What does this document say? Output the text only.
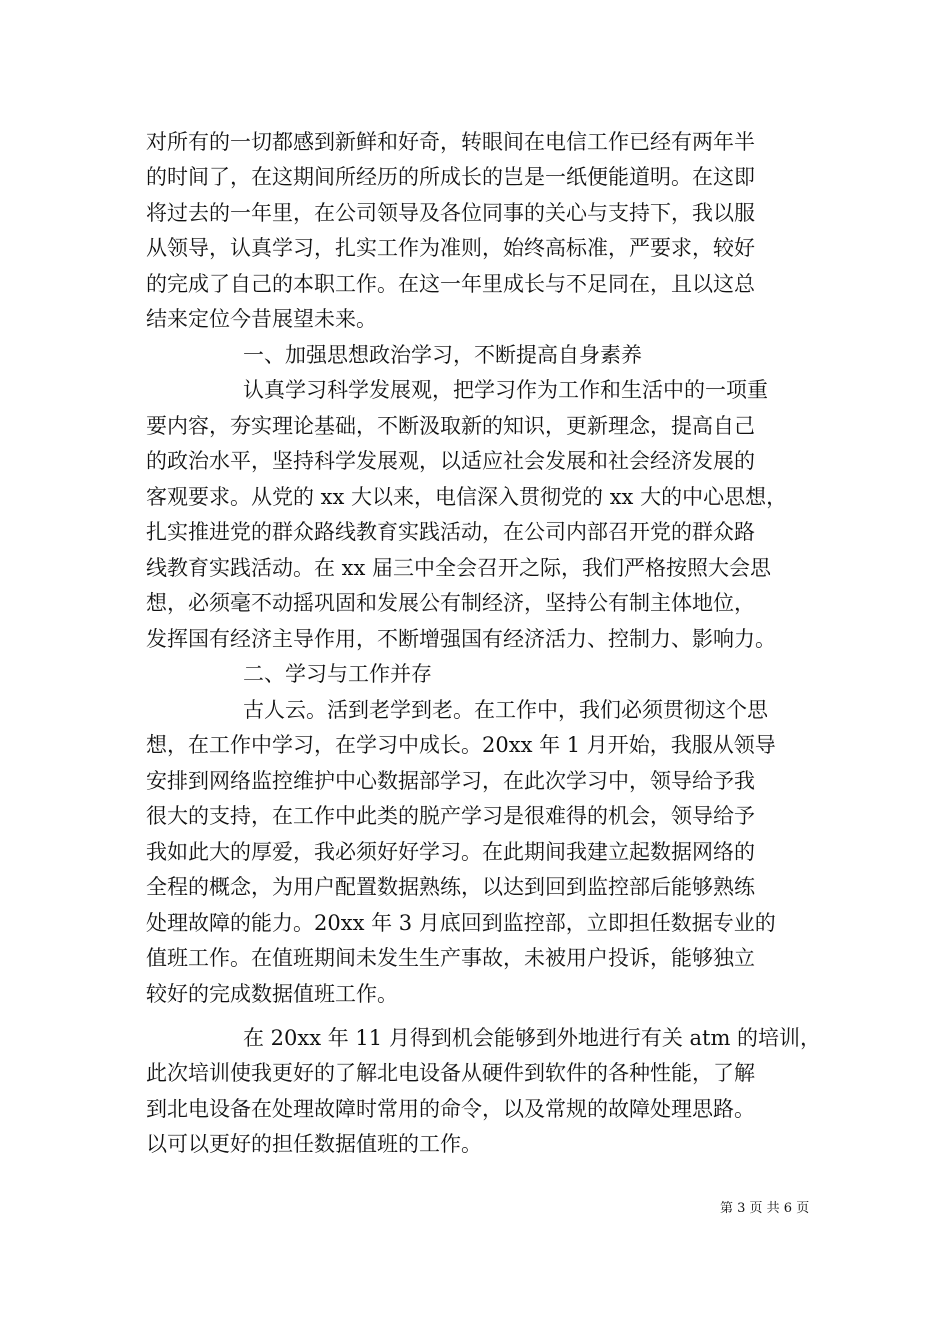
对所有的一切都感到新鲜和好奇，转眼间在电信工作已经有两年半
的时间了，在这期间所经历的所成长的岂是一纸便能道明。在这即
将过去的一年里，在公司领导及各位同事的关心与支持下，我以服
从领导，认真学习，扎实工作为准则，始终高标准，严要求，较好
的完成了自己的本职工作。在这一年里成长与不足同在，且以这总
结来定位今昔展望未来。
一、加强思想政治学习，不断提高自身素养
认真学习科学发展观，把学习作为工作和生活中的一项重
要内容，夯实理论基础，不断汲取新的知识，更新理念，提高自己
的政治水平，坚持科学发展观，以适应社会发展和社会经济发展的
客观要求。从党的 xx 大以来，电信深入贯彻党的 xx 大的中心思想，
扎实推进党的群众路线教育实践活动，在公司内部召开党的群众路
线教育实践活动。在 xx 届三中全会召开之际，我们严格按照大会思
想，必须毫不动摇巩固和发展公有制经济，坚持公有制主体地位，
发挥国有经济主导作用，不断增强国有经济活力、控制力、影响力。
二、学习与工作并存
古人云。活到老学到老。在工作中，我们必须贯彻这个思
想，在工作中学习，在学习中成长。20xx 年 1 月开始，我服从领导
安排到网络监控维护中心数据部学习，在此次学习中，领导给予我
很大的支持，在工作中此类的脱产学习是很难得的机会，领导给予
我如此大的厚爱，我必须好好学习。在此期间我建立起数据网络的
全程的概念，为用户配置数据熟练，以达到回到监控部后能够熟练
处理故障的能力。20xx 年 3 月底回到监控部，立即担任数据专业的
值班工作。在值班期间未发生生产事故，未被用户投诉，能够独立
较好的完成数据值班工作。
在 20xx 年 11 月得到机会能够到外地进行有关 atm 的培训，
此次培训使我更好的了解北电设备从硬件到软件的各种性能，了解
到北电设备在处理故障时常用的命令，以及常规的故障处理思路。
以可以更好的担任数据值班的工作。
第 3 页 共 6 页
